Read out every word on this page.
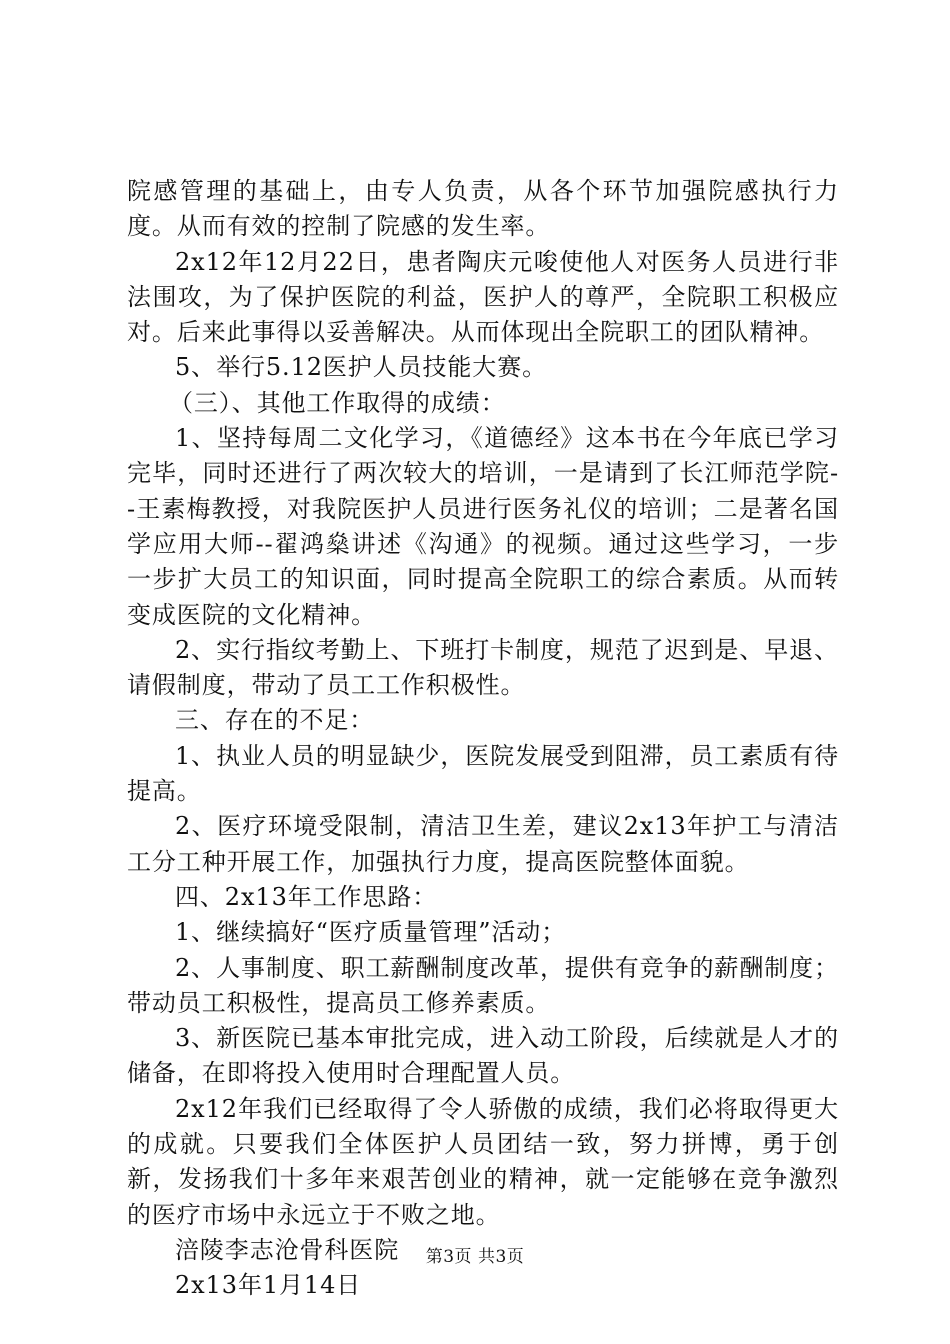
院感管理的基础上，由专人负责，从各个环节加强院感执行力度。从而有效的控制了院感的发生率。

2x12年12月22日，患者陶庆元唆使他人对医务人员进行非法围攻，为了保护医院的利益，医护人的尊严，全院职工积极应对。后来此事得以妥善解决。从而体现出全院职工的团队精神。

5、举行5.12医护人员技能大赛。

（三）、其他工作取得的成绩：

1、坚持每周二文化学习，《道德经》这本书在今年底已学习完毕，同时还进行了两次较大的培训，一是请到了长江师范学院--王素梅教授，对我院医护人员进行医务礼仪的培训；二是著名国学应用大师--翟鸿燊讲述《沟通》的视频。通过这些学习，一步一步扩大员工的知识面，同时提高全院职工的综合素质。从而转变成医院的文化精神。

2、实行指纹考勤上、下班打卡制度，规范了迟到是、早退、请假制度，带动了员工工作积极性。

三、存在的不足：

1、执业人员的明显缺少，医院发展受到阻滞，员工素质有待提高。

2、医疗环境受限制，清洁卫生差，建议2x13年护工与清洁工分工种开展工作，加强执行力度，提高医院整体面貌。

四、2x13年工作思路：

1、继续搞好“医疗质量管理”活动；

2、人事制度、职工薪酬制度改革，提供有竞争的薪酬制度；带动员工积极性，提高员工修养素质。

3、新医院已基本审批完成，进入动工阶段，后续就是人才的储备，在即将投入使用时合理配置人员。

2x12年我们已经取得了令人骄傲的成绩，我们必将取得更大的成就。只要我们全体医护人员团结一致，努力拼博，勇于创新，发扬我们十多年来艰苦创业的精神，就一定能够在竞争激烈的医疗市场中永远立于不败之地。

涪陵李志沧骨科医院

2x13年1月14日

第3页 共3页
